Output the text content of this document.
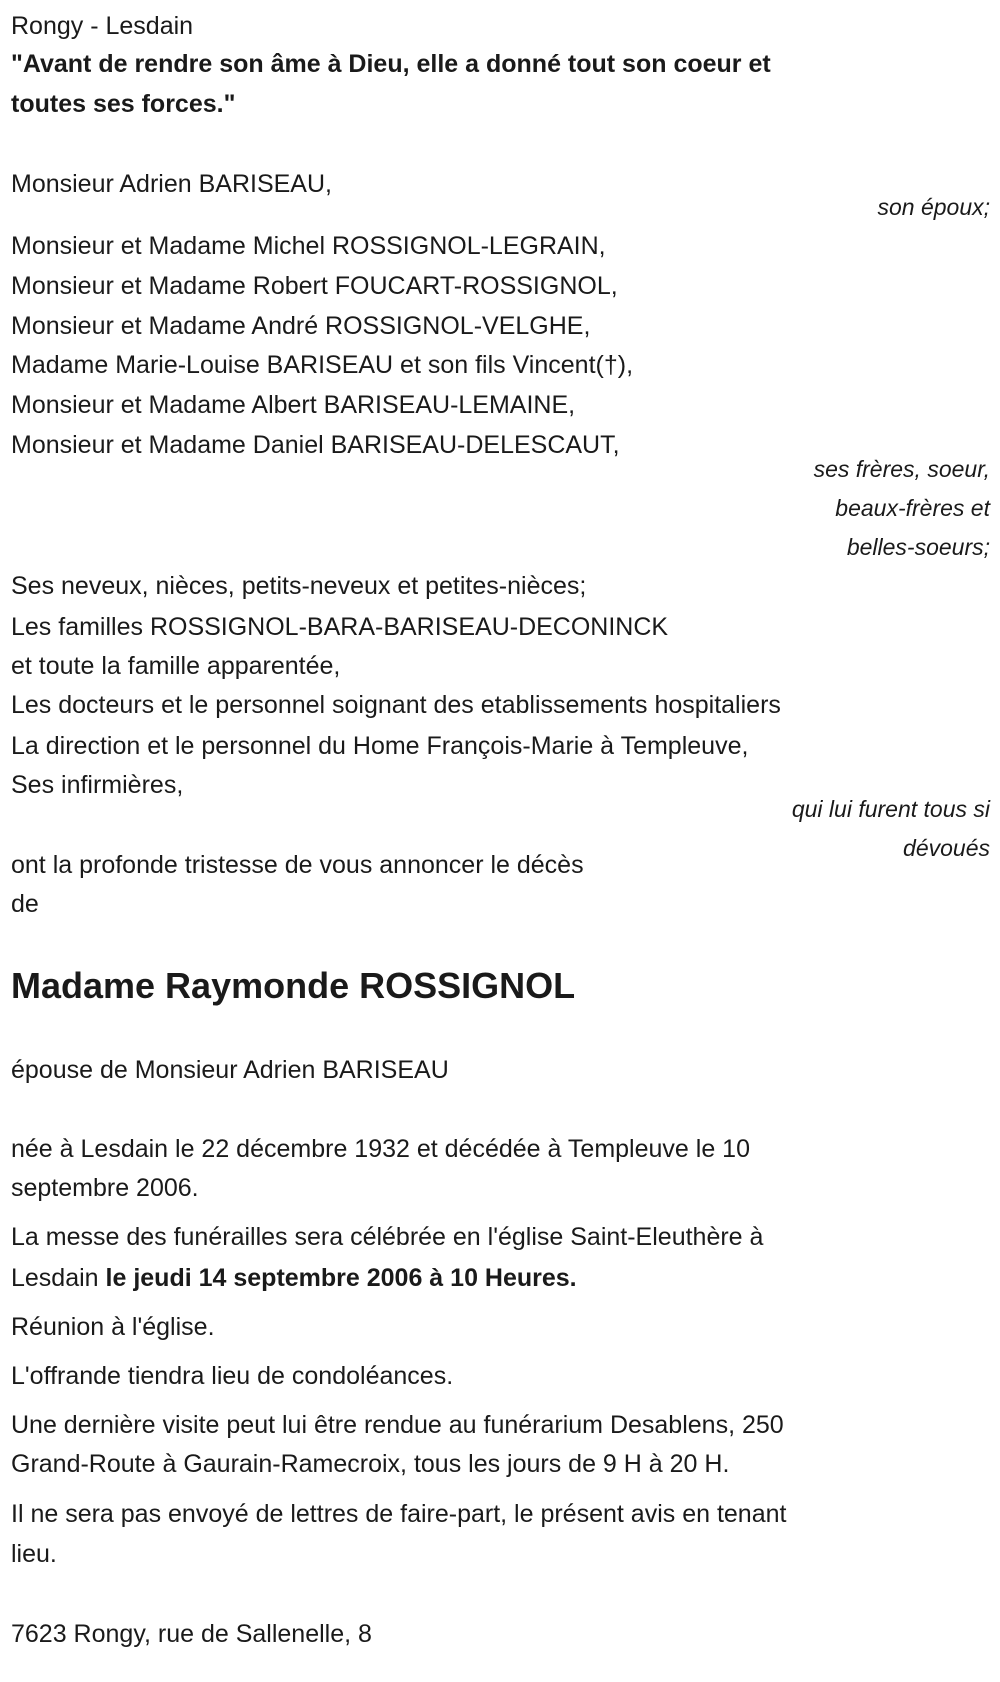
Rongy - Lesdain
"Avant de rendre son âme à Dieu, elle a donné tout son coeur et
toutes ses forces."
Monsieur Adrien BARISEAU,
son époux;
Monsieur et Madame Michel ROSSIGNOL-LEGRAIN,
Monsieur et Madame Robert FOUCART-ROSSIGNOL,
Monsieur et Madame André ROSSIGNOL-VELGHE,
Madame Marie-Louise BARISEAU et son fils Vincent(†),
Monsieur et Madame Albert BARISEAU-LEMAINE,
Monsieur et Madame Daniel BARISEAU-DELESCAUT,
ses frères, soeur,
beaux-frères et
belles-soeurs;
Ses neveux, nièces, petits-neveux et petites-nièces;
Les familles ROSSIGNOL-BARA-BARISEAU-DECONINCK
et toute la famille apparentée,
Les docteurs et le personnel soignant des etablissements hospitaliers
La direction et le personnel du Home François-Marie à Templeuve,
Ses infirmières,
qui lui furent tous si
dévoués
ont la profonde tristesse de vous annoncer le décès
de
Madame Raymonde ROSSIGNOL
épouse de Monsieur Adrien BARISEAU
née à Lesdain le 22 décembre 1932 et décédée à Templeuve le 10
septembre 2006.
La messe des funérailles sera célébrée en l'église Saint-Eleuthère à
Lesdain le jeudi 14 septembre 2006 à 10 Heures.
Réunion à l'église.
L'offrande tiendra lieu de condoléances.
Une dernière visite peut lui être rendue au funérarium Desablens, 250
Grand-Route à Gaurain-Ramecroix, tous les jours de 9 H à 20 H.
Il ne sera pas envoyé de lettres de faire-part, le présent avis en tenant
lieu.
7623 Rongy, rue de Sallenelle, 8
